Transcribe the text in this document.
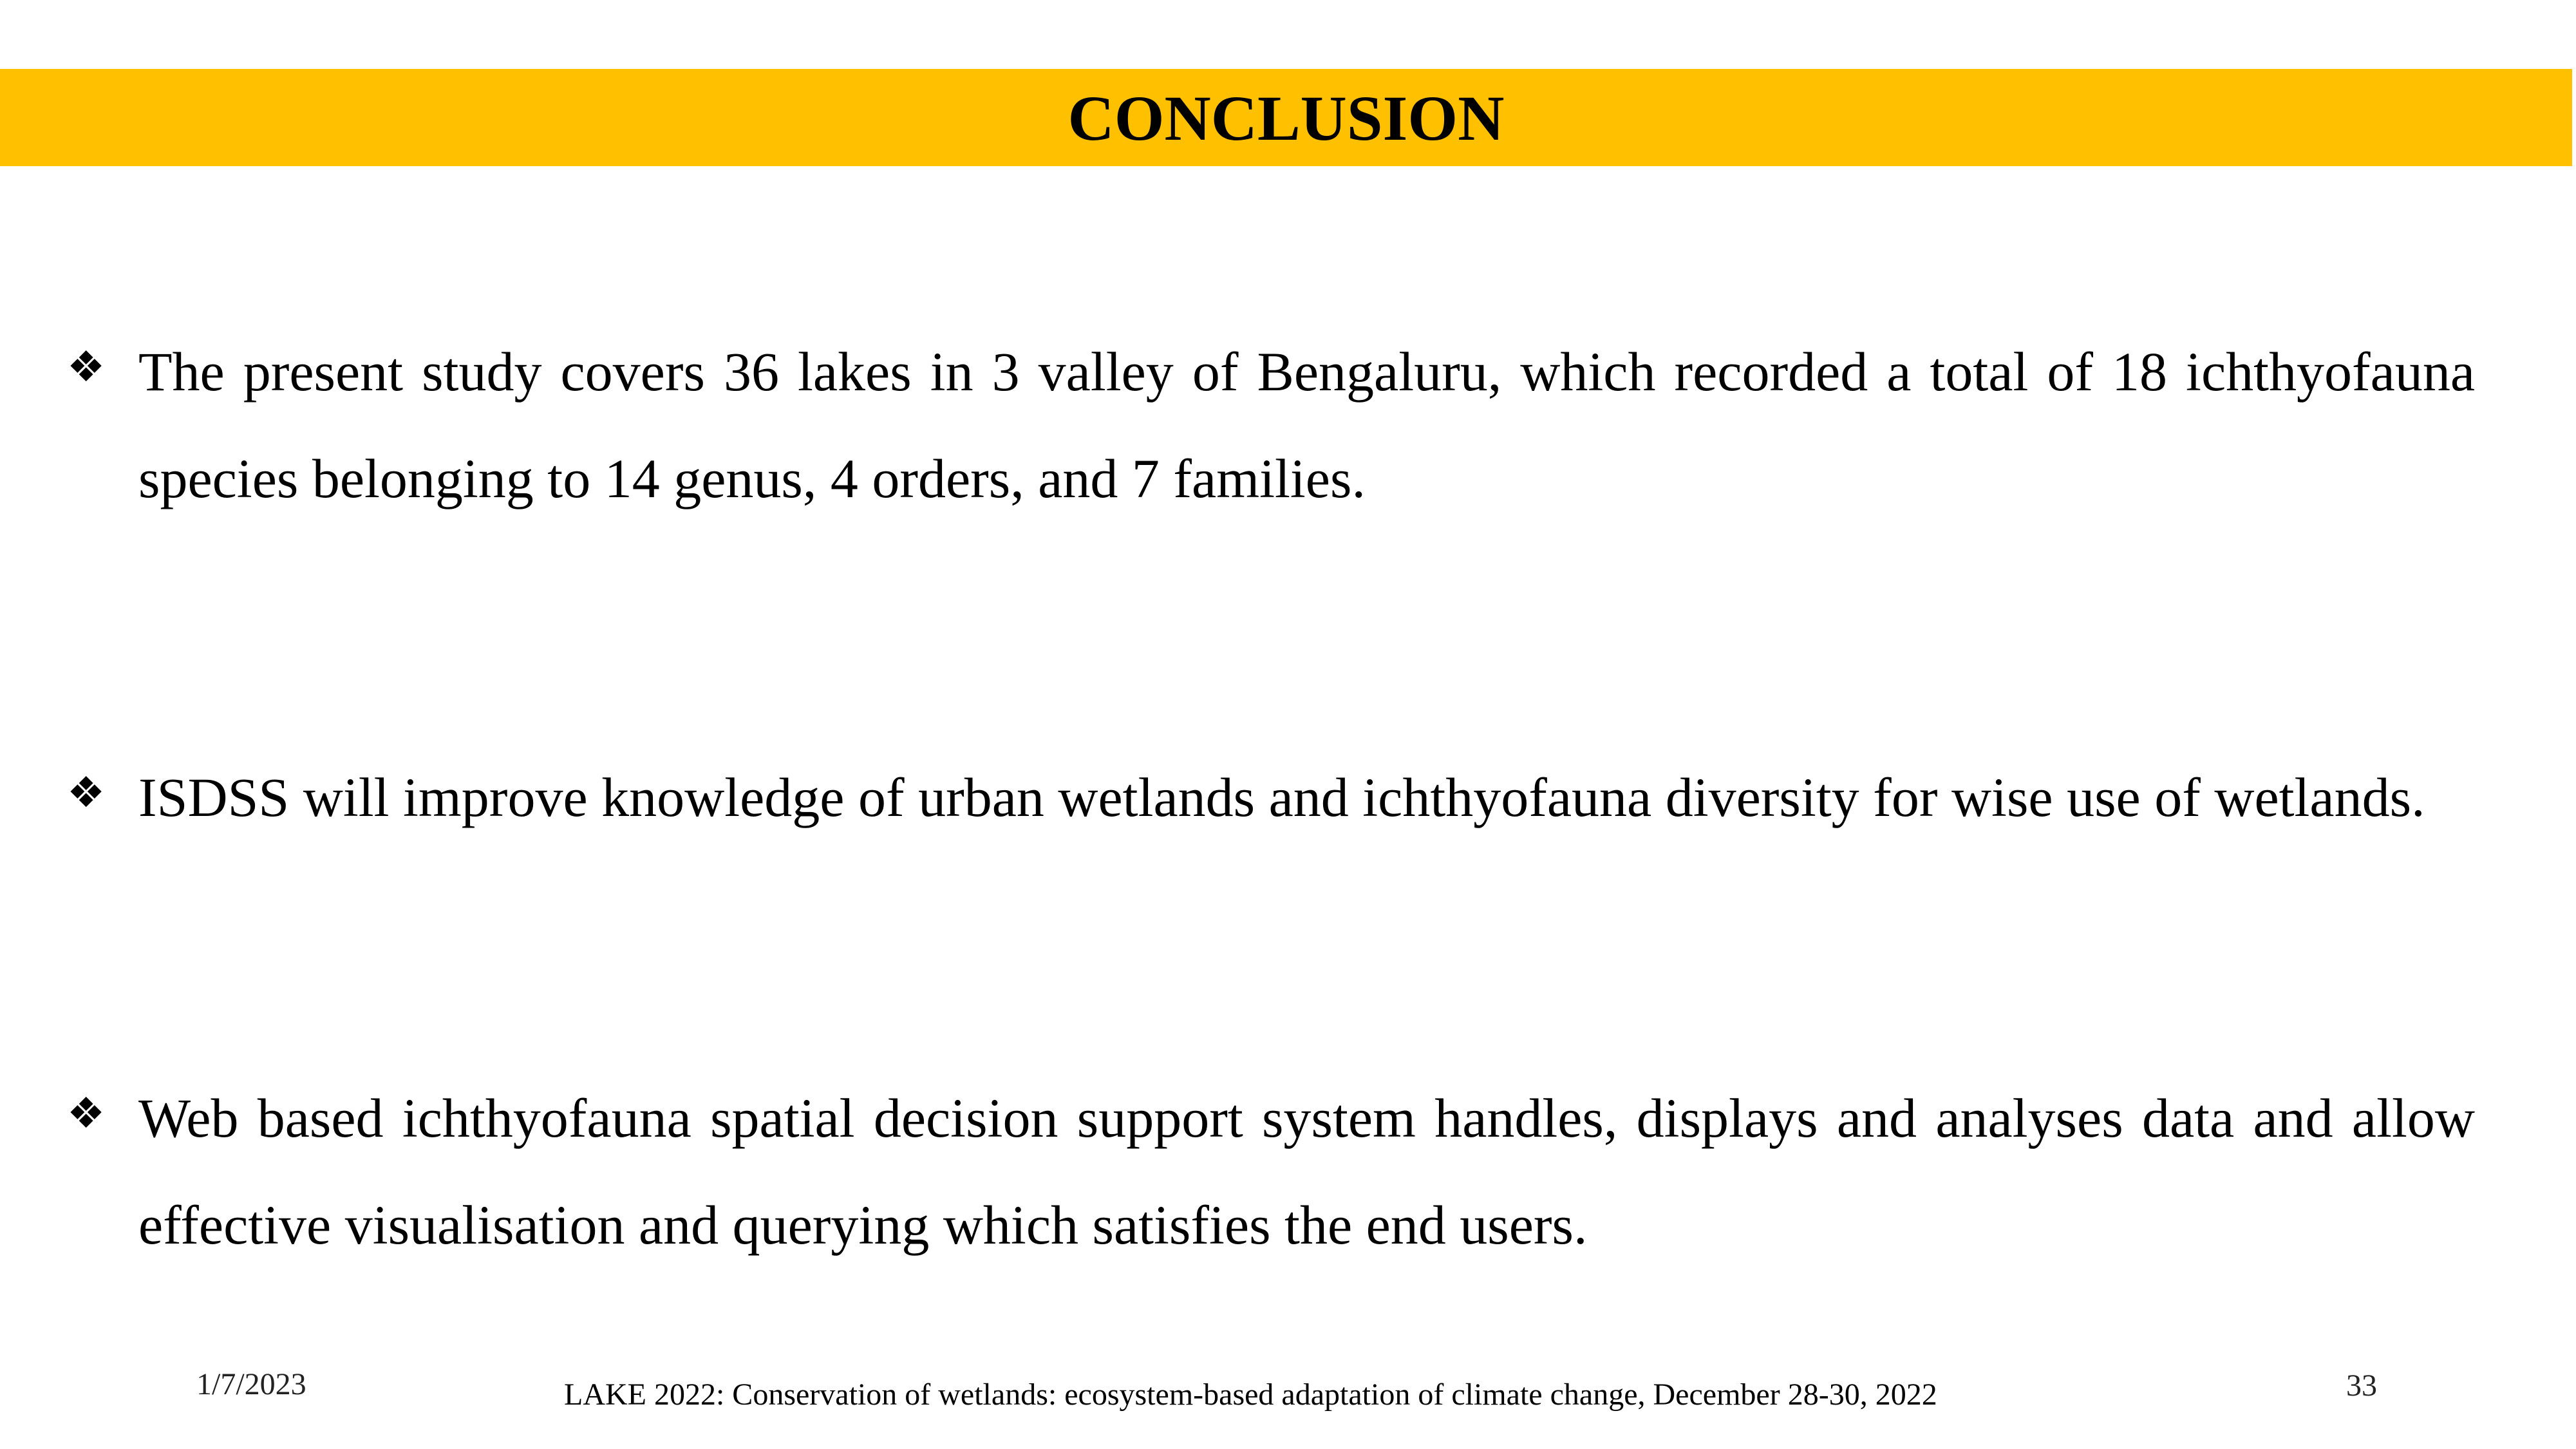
CONCLUSION
❖ The present study covers 36 lakes in 3 valley of Bengaluru, which recorded a total of 18 ichthyofauna species belonging to 14 genus, 4 orders, and 7 families.
❖ ISDSS will improve knowledge of urban wetlands and ichthyofauna diversity for wise use of wetlands.
❖ Web based ichthyofauna spatial decision support system handles, displays and analyses data and allow effective visualisation and querying which satisfies the end users.
1/7/2023	LAKE 2022: Conservation of wetlands: ecosystem-based adaptation of climate change, December 28-30, 2022	33
